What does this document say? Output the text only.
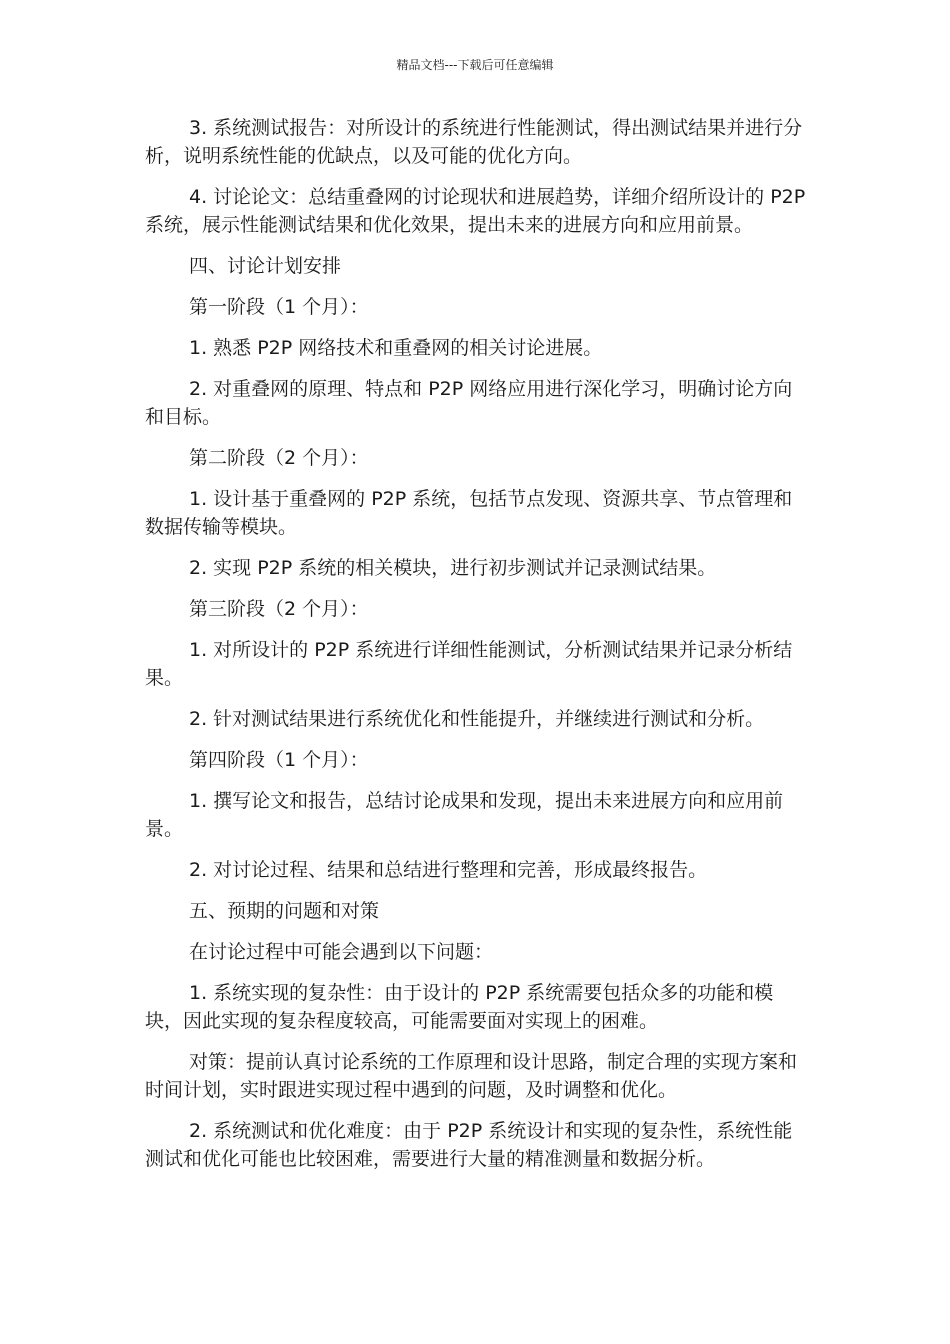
精品文档---下载后可任意编辑

3. 系统测试报告：对所设计的系统进行性能测试，得出测试结果并进行分析，说明系统性能的优缺点，以及可能的优化方向。

4. 讨论论文：总结重叠网的讨论现状和进展趋势，详细介绍所设计的 P2P 系统，展示性能测试结果和优化效果，提出未来的进展方向和应用前景。

四、讨论计划安排

第一阶段（1 个月）：

1. 熟悉 P2P 网络技术和重叠网的相关讨论进展。

2. 对重叠网的原理、特点和 P2P 网络应用进行深化学习，明确讨论方向和目标。

第二阶段（2 个月）：

1. 设计基于重叠网的 P2P 系统，包括节点发现、资源共享、节点管理和数据传输等模块。

2. 实现 P2P 系统的相关模块，进行初步测试并记录测试结果。

第三阶段（2 个月）：

1. 对所设计的 P2P 系统进行详细性能测试，分析测试结果并记录分析结果。

2. 针对测试结果进行系统优化和性能提升，并继续进行测试和分析。

第四阶段（1 个月）：

1. 撰写论文和报告，总结讨论成果和发现，提出未来进展方向和应用前景。

2. 对讨论过程、结果和总结进行整理和完善，形成最终报告。

五、预期的问题和对策

在讨论过程中可能会遇到以下问题：

1. 系统实现的复杂性：由于设计的 P2P 系统需要包括众多的功能和模块，因此实现的复杂程度较高，可能需要面对实现上的困难。

对策：提前认真讨论系统的工作原理和设计思路，制定合理的实现方案和时间计划，实时跟进实现过程中遇到的问题，及时调整和优化。

2. 系统测试和优化难度：由于 P2P 系统设计和实现的复杂性，系统性能测试和优化可能也比较困难，需要进行大量的精准测量和数据分析。
